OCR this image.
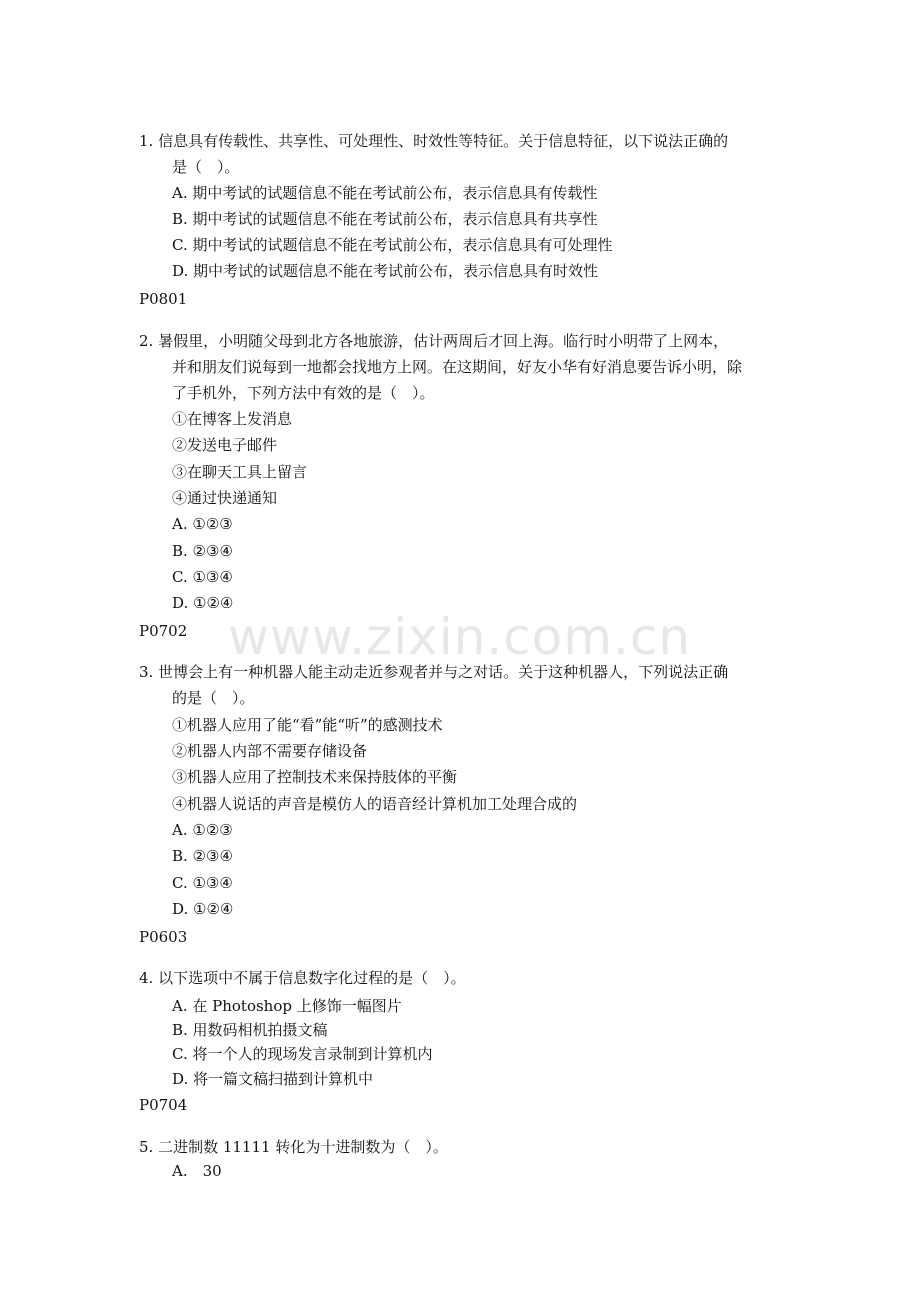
www.zixin.com.cn
1. 信息具有传载性、共享性、可处理性、时效性等特征。关于信息特征，以下说法正确的
是（　）。
A. 期中考试的试题信息不能在考试前公布，表示信息具有传载性
B. 期中考试的试题信息不能在考试前公布，表示信息具有共享性
C. 期中考试的试题信息不能在考试前公布，表示信息具有可处理性
D. 期中考试的试题信息不能在考试前公布，表示信息具有时效性
P0801
2. 暑假里，小明随父母到北方各地旅游，估计两周后才回上海。临行时小明带了上网本，
并和朋友们说每到一地都会找地方上网。在这期间，好友小华有好消息要告诉小明，除
了手机外，下列方法中有效的是（　）。
①在博客上发消息
②发送电子邮件
③在聊天工具上留言
④通过快递通知
A. ①②③
B. ②③④
C. ①③④
D. ①②④
P0702
3. 世博会上有一种机器人能主动走近参观者并与之对话。关于这种机器人，下列说法正确
的是（　）。
①机器人应用了能“看”能“听”的感测技术
②机器人内部不需要存储设备
③机器人应用了控制技术来保持肢体的平衡
④机器人说话的声音是模仿人的语音经计算机加工处理合成的
A. ①②③
B. ②③④
C. ①③④
D. ①②④
P0603
4. 以下选项中不属于信息数字化过程的是（　）。
A. 在 Photoshop 上修饰一幅图片
B. 用数码相机拍摄文稿
C. 将一个人的现场发言录制到计算机内
D. 将一篇文稿扫描到计算机中
P0704
5. 二进制数 11111 转化为十进制数为（　）。
A.　30
